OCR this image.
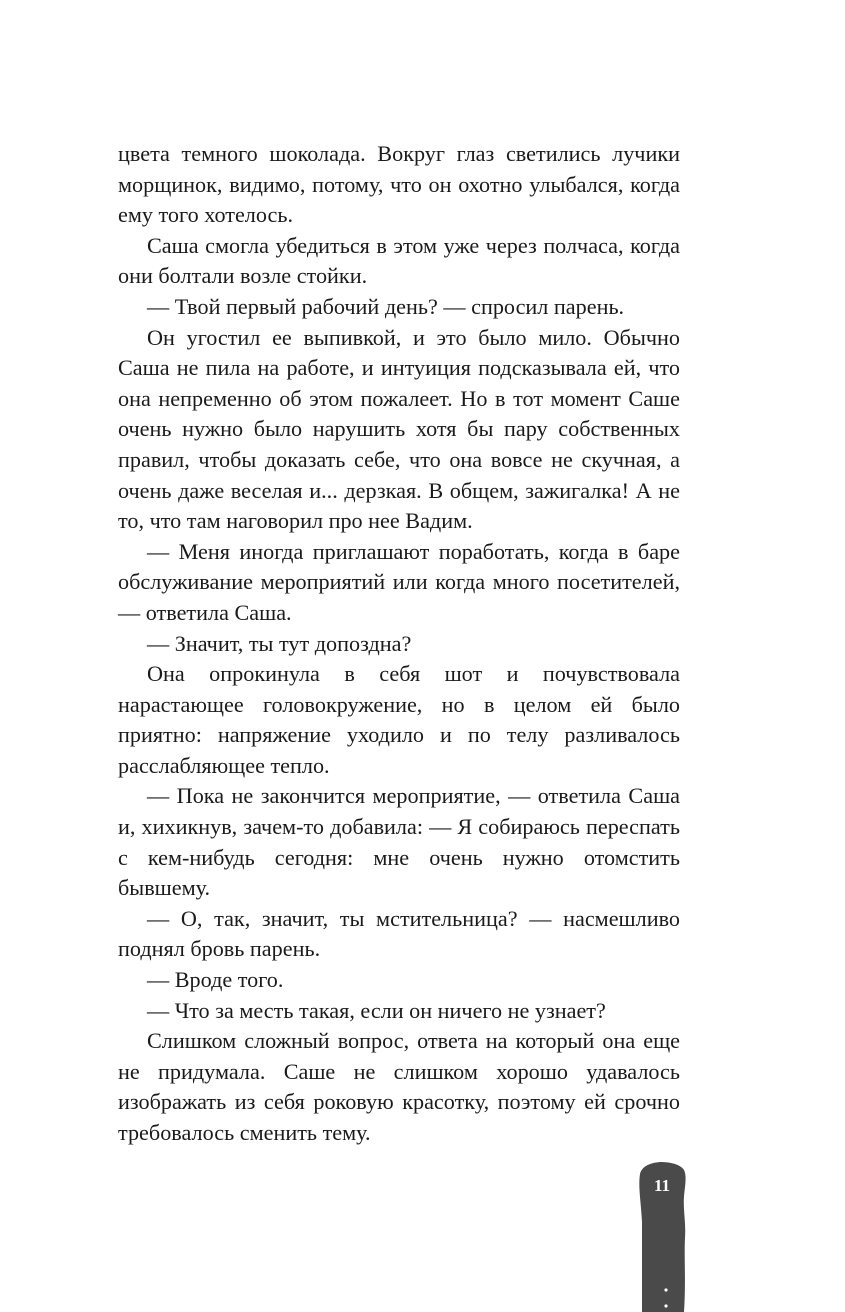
цвета темного шоколада. Вокруг глаз светились лучики морщинок, видимо, потому, что он охотно улыбался, когда ему того хотелось.

Саша смогла убедиться в этом уже через полчаса, когда они болтали возле стойки.

— Твой первый рабочий день? — спросил парень.

Он угостил ее выпивкой, и это было мило. Обычно Саша не пила на работе, и интуиция подсказывала ей, что она непременно об этом пожалеет. Но в тот момент Саше очень нужно было нарушить хотя бы пару собственных правил, чтобы доказать себе, что она вовсе не скучная, а очень даже веселая и... дерзкая. В общем, зажигалка! А не то, что там наговорил про нее Вадим.

— Меня иногда приглашают поработать, когда в баре обслуживание мероприятий или когда много посетителей, — ответила Саша.

— Значит, ты тут допоздна?

Она опрокинула в себя шот и почувствовала нарастающее головокружение, но в целом ей было приятно: напряжение уходило и по телу разливалось расслабляющее тепло.

— Пока не закончится мероприятие, — ответила Саша и, хихикнув, зачем-то добавила: — Я собираюсь переспать с кем-нибудь сегодня: мне очень нужно отомстить бывшему.

— О, так, значит, ты мстительница? — насмешливо поднял бровь парень.

— Вроде того.

— Что за месть такая, если он ничего не узнает?

Слишком сложный вопрос, ответа на который она еще не придумала. Саше не слишком хорошо удавалось изображать из себя роковую красотку, поэтому ей срочно требовалось сменить тему.

11
